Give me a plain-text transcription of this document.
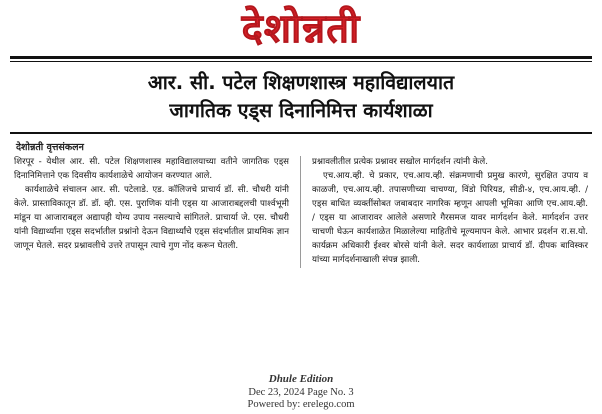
देशोन्नती
आर. सी. पटेल शिक्षणशास्त्र महाविद्यालयात
जागतिक एड्स दिनानिमित्त कार्यशाळा
देशोन्नती वृत्तसंकलन

शिरपूर - येथील आर. सी. पटेल शिक्षणशास्त्र महाविद्यालयाच्या वतीने जागतिक एड्स दिनानिमित्ताने एक दिवसीय कार्यशाळेचे आयोजन करण्यात आले.

कार्यशाळेचे संचालन आर. सी. पटेलाडे. एड. कॉलिजचे प्राचार्य डॉ. सी. चौधरी यांनी केले. प्रास्ताविकातून डॉ. डॉ. व्ही. एस. पुराणिक यांनी एड्स या आजाराबद्दलची पार्श्वभूमी मांडून या आजाराबद्दल अद्यापही योग्य उपाय नसल्याचे सांगितले. प्राचार्या जे. एस. चौधरी यांनी विद्यार्थ्यांना एड्स सदर्भातील प्रश्नांनो देऊन विद्यार्थ्यांचे एड्स संदर्भातील प्राथमिक ज्ञान जाणून घेतले. सदर प्रश्नावलीचे उत्तरे तपासून त्याचे गुण नोंद करून घेतली.

प्रश्नावलीतील प्रत्येक प्रश्नावर सखोल मार्गदर्शन त्यांनी केले.

एच.आय.व्ही. चे प्रकार, एच.आय.व्ही. संक्रमणाची प्रमुख कारणे, सुरक्षित उपाय व काळजी, एच.आय.व्ही. तपासणीच्या चाचण्या, विंडो पिरियड, सीडी-४, एच.आय.व्ही. / एड्स बाधित व्यक्तींसोबत जबाबदार नागरिक म्हणून आपली भूमिका आणि एच.आय.व्ही. / एड्स या आजारावर आलेले असणारे गैरसमज यावर मार्गदर्शन केले. मार्गदर्शन उत्तर चाचणी घेऊन कार्यशाळेत मिळालेल्या माहितीचे मूल्यमापन केले. आभार प्रदर्शन रा.स.यो. कार्यक्रम अधिकारी ईश्वर बोरसे यांनी केले. सदर कार्यशाळा प्राचार्य डॉ. दीपक बाविस्कर यांच्या मार्गदर्शनाखाली संपन्न झाली.

Dhule Edition
Dec 23, 2024 Page No. 3
Powered by: erelego.com
